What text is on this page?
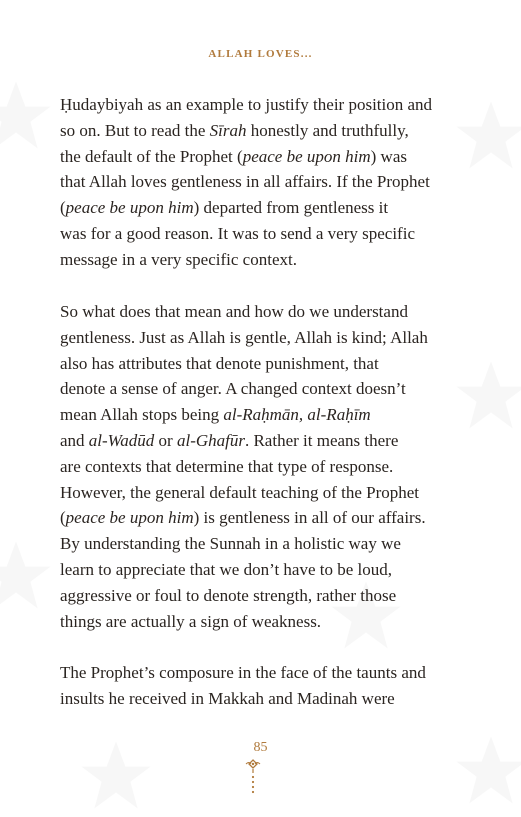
ALLAH LOVES...

Ḥudaybiyah as an example to justify their position and
so on. But to read the Sīrah honestly and truthfully,
the default of the Prophet (peace be upon him) was
that Allah loves gentleness in all affairs. If the Prophet
(peace be upon him) departed from gentleness it
was for a good reason. It was to send a very specific
message in a very specific context.

So what does that mean and how do we understand
gentleness. Just as Allah is gentle, Allah is kind; Allah
also has attributes that denote punishment, that
denote a sense of anger. A changed context doesn’t
mean Allah stops being al-Raḥmān, al-Raḥīm
and al-Wadūd or al-Ghafūr. Rather it means there
are contexts that determine that type of response.
However, the general default teaching of the Prophet
(peace be upon him) is gentleness in all of our affairs.
By understanding the Sunnah in a holistic way we
learn to appreciate that we don’t have to be loud,
aggressive or foul to denote strength, rather those
things are actually a sign of weakness.

The Prophet’s composure in the face of the taunts and
insults he received in Makkah and Madinah were

85
